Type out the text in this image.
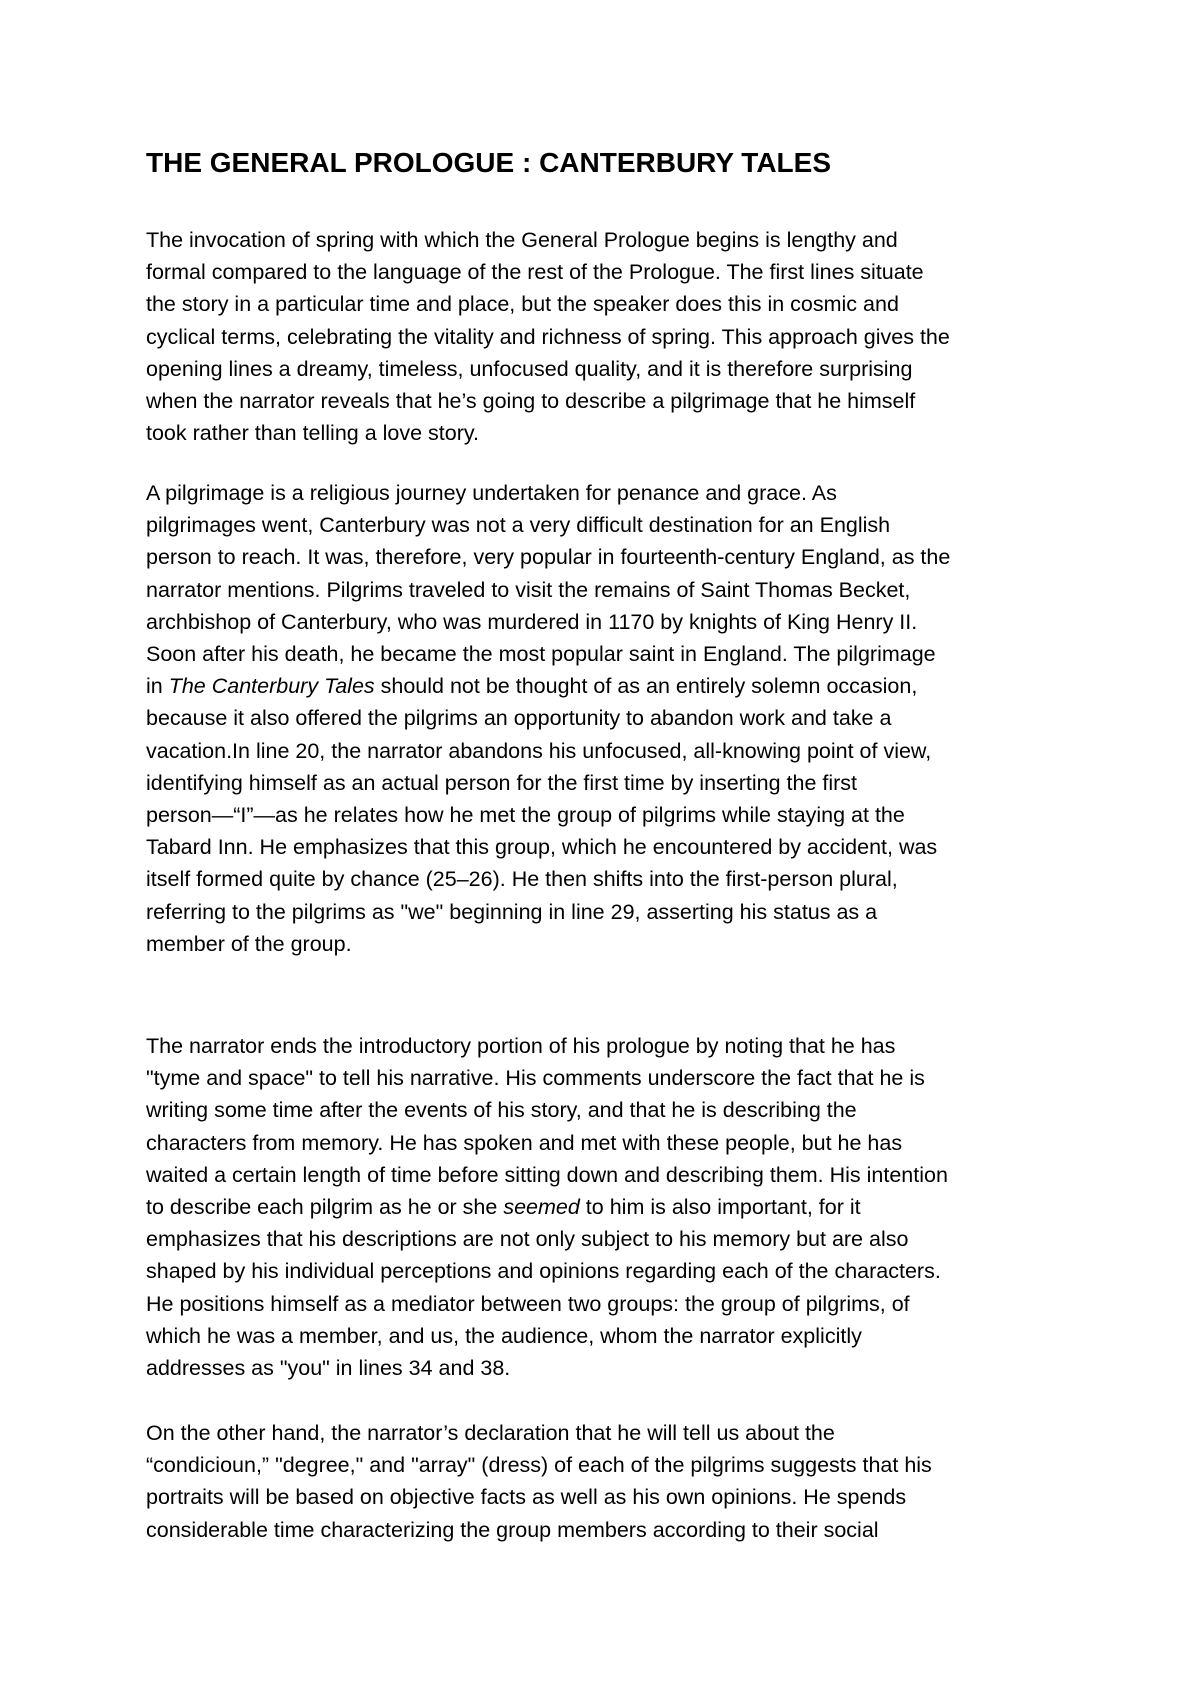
THE GENERAL PROLOGUE : CANTERBURY TALES

The invocation of spring with which the General Prologue begins is lengthy and
formal compared to the language of the rest of the Prologue. The first lines situate
the story in a particular time and place, but the speaker does this in cosmic and
cyclical terms, celebrating the vitality and richness of spring. This approach gives the
opening lines a dreamy, timeless, unfocused quality, and it is therefore surprising
when the narrator reveals that he’s going to describe a pilgrimage that he himself
took rather than telling a love story.

A pilgrimage is a religious journey undertaken for penance and grace. As
pilgrimages went, Canterbury was not a very difficult destination for an English
person to reach. It was, therefore, very popular in fourteenth-century England, as the
narrator mentions. Pilgrims traveled to visit the remains of Saint Thomas Becket,
archbishop of Canterbury, who was murdered in 1170 by knights of King Henry II.
Soon after his death, he became the most popular saint in England. The pilgrimage
in The Canterbury Tales should not be thought of as an entirely solemn occasion,
because it also offered the pilgrims an opportunity to abandon work and take a
vacation.In line 20, the narrator abandons his unfocused, all-knowing point of view,
identifying himself as an actual person for the first time by inserting the first
person—“I”—as he relates how he met the group of pilgrims while staying at the
Tabard Inn. He emphasizes that this group, which he encountered by accident, was
itself formed quite by chance (25–26). He then shifts into the first-person plural,
referring to the pilgrims as "we" beginning in line 29, asserting his status as a
member of the group.

The narrator ends the introductory portion of his prologue by noting that he has
"tyme and space" to tell his narrative. His comments underscore the fact that he is
writing some time after the events of his story, and that he is describing the
characters from memory. He has spoken and met with these people, but he has
waited a certain length of time before sitting down and describing them. His intention
to describe each pilgrim as he or she seemed to him is also important, for it
emphasizes that his descriptions are not only subject to his memory but are also
shaped by his individual perceptions and opinions regarding each of the characters.
He positions himself as a mediator between two groups: the group of pilgrims, of
which he was a member, and us, the audience, whom the narrator explicitly
addresses as "you" in lines 34 and 38.

On the other hand, the narrator’s declaration that he will tell us about the
“condicioun,” "degree," and "array" (dress) of each of the pilgrims suggests that his
portraits will be based on objective facts as well as his own opinions. He spends
considerable time characterizing the group members according to their social
